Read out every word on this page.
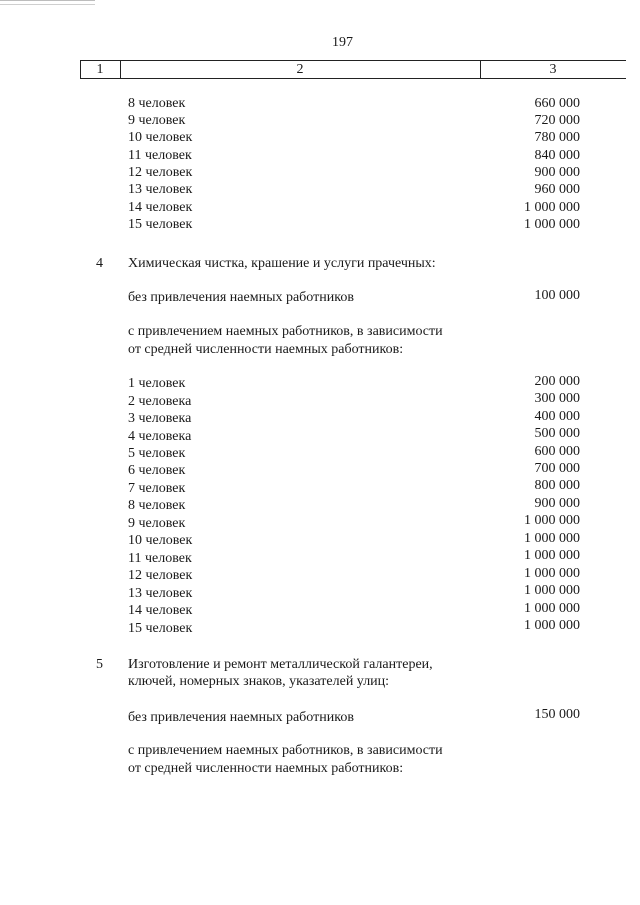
197
1	2	3
8 человек	660 000
9 человек	720 000
10 человек	780 000
11 человек	840 000
12 человек	900 000
13 человек	960 000
14 человек	1 000 000
15 человек	1 000 000
4 Химическая чистка, крашение и услуги прачечных:
без привлечения наемных работников	100 000
с привлечением наемных работников, в зависимости
от средней численности наемных работников:
1 человек	200 000
2 человека	300 000
3 человека	400 000
4 человека	500 000
5 человек	600 000
6 человек	700 000
7 человек	800 000
8 человек	900 000
9 человек	1 000 000
10 человек	1 000 000
11 человек	1 000 000
12 человек	1 000 000
13 человек	1 000 000
14 человек	1 000 000
15 человек	1 000 000
5 Изготовление и ремонт металлической галантереи,
ключей, номерных знаков, указателей улиц:
без привлечения наемных работников	150 000
с привлечением наемных работников, в зависимости
от средней численности наемных работников:
